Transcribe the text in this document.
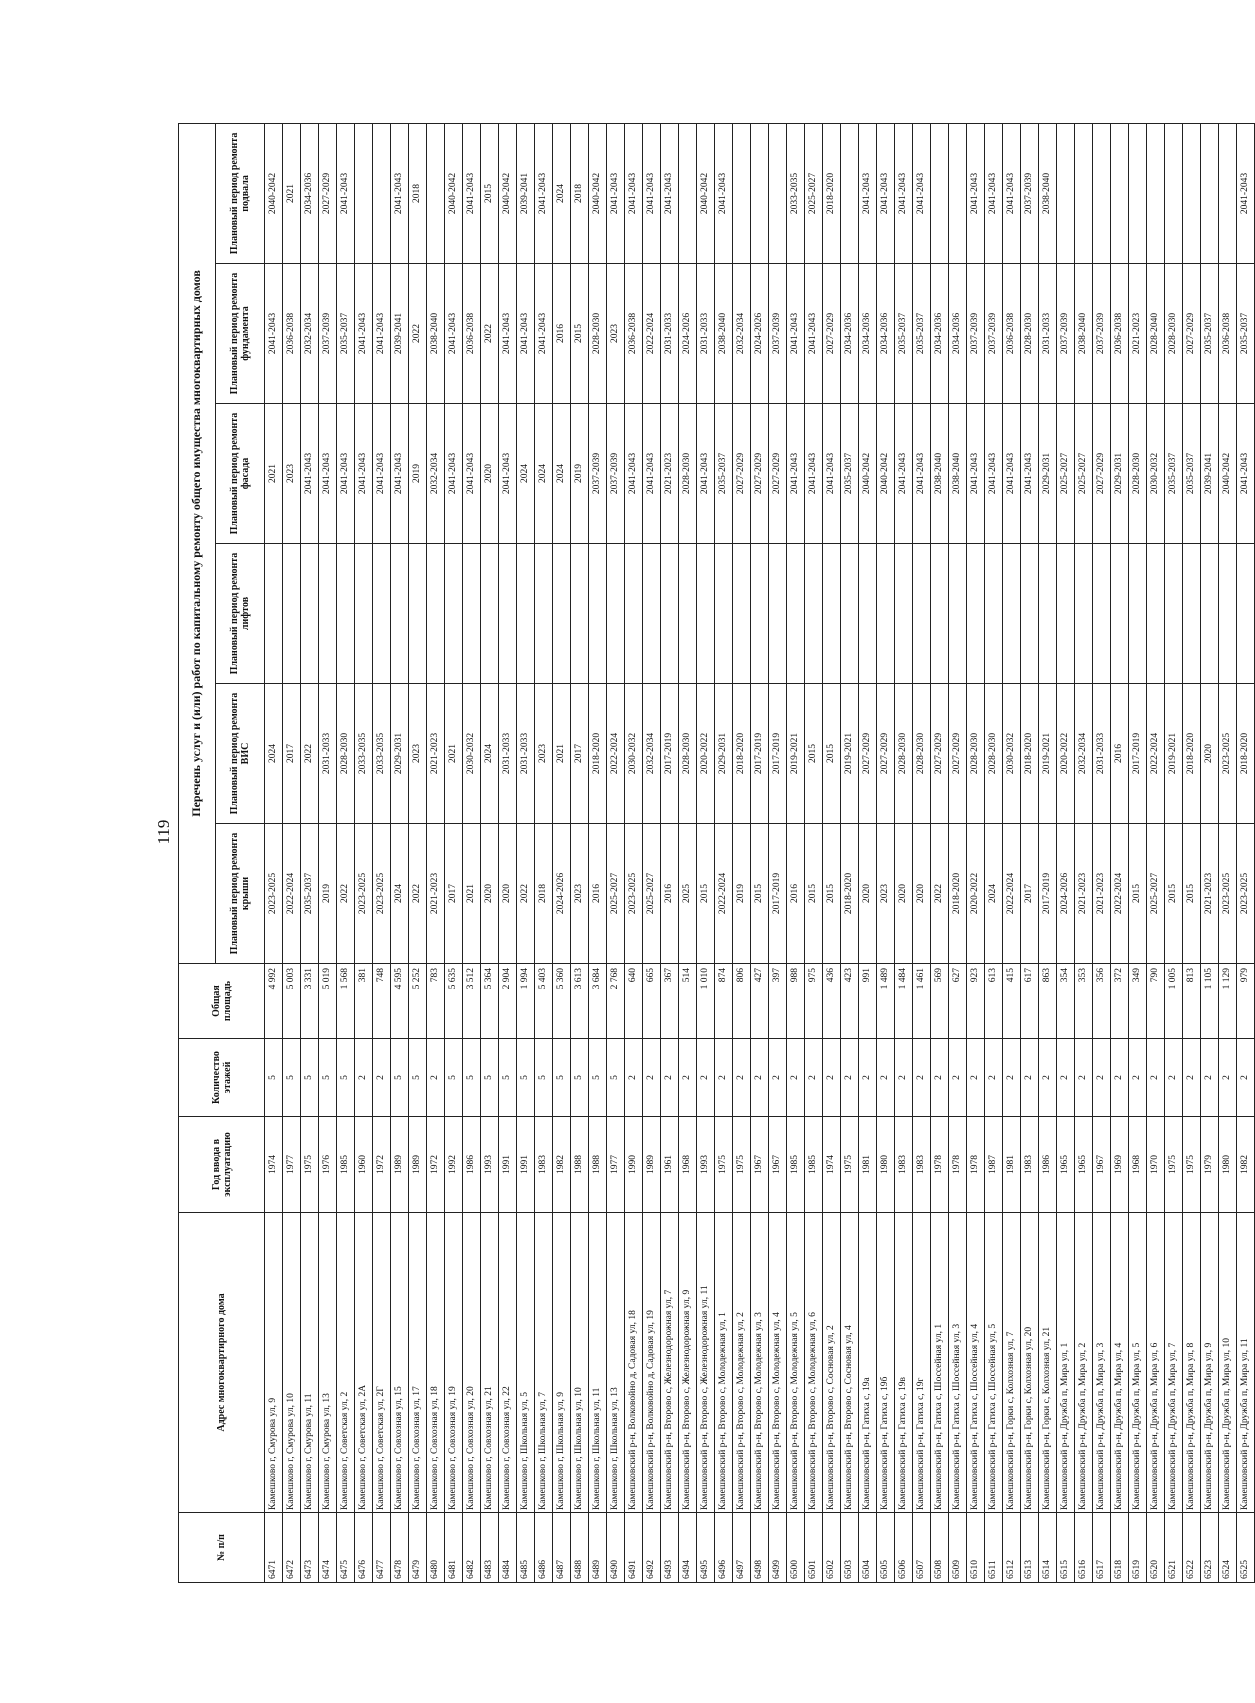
119
№ п/п	Адрес многоквартирного дома	Год ввода в эксплуатацию	Количество этажей	Общая площадь	Перечень услуг и (или) работ по капитальному ремонту общего имущества многоквартирных домов					
					Плановый период ремонта крыши	Плановый период ремонта ВИС	Плановый период ремонта лифтов	Плановый период ремонта фасада	Плановый период ремонта фундамента	Плановый период ремонта подвала
6471	Камешково г, Смурова ул, 9	1974	5	4 992	2023-2025	2024		2021	2041-2043	2040-2042
6472	Камешково г, Смурова ул, 10	1977	5	5 003	2022-2024	2017		2023	2036-2038	2021
6473	Камешково г, Смурова ул, 11	1975	5	3 331	2035-2037	2022		2041-2043	2032-2034	2034-2036
6474	Камешково г, Смурова ул, 13	1976	5	5 019	2019	2031-2033		2041-2043	2037-2039	2027-2029
6475	Камешково г, Советская ул, 2	1985	5	1 568	2022	2028-2030		2041-2043	2035-2037	2041-2043
6476	Камешково г, Советская ул, 2А	1960	2	381	2023-2025	2033-2035		2041-2043	2041-2043	
6477	Камешково г, Советская ул, 2Г	1972	2	748	2023-2025	2033-2035		2041-2043	2041-2043	
6478	Камешково г, Совхозная ул, 15	1989	5	4 595	2024	2029-2031		2041-2043	2039-2041	2041-2043
6479	Камешково г, Совхозная ул, 17	1989	5	5 252	2022	2023		2019	2022	2018
6480	Камешково г, Совхозная ул, 18	1972	2	783	2021-2023	2021-2023		2032-2034	2038-2040	
6481	Камешково г, Совхозная ул, 19	1992	5	5 635	2017	2021		2041-2043	2041-2043	2040-2042
6482	Камешково г, Совхозная ул, 20	1986	5	3 512	2021	2030-2032		2041-2043	2036-2038	2041-2043
6483	Камешково г, Совхозная ул, 21	1993	5	5 364	2020	2024		2020	2022	2015
6484	Камешково г, Совхозная ул, 22	1991	5	2 904	2020	2031-2033		2041-2043	2041-2043	2040-2042
6485	Камешково г, Школьная ул, 5	1991	5	1 994	2022	2031-2033		2024	2041-2043	2039-2041
6486	Камешково г, Школьная ул, 7	1983	5	5 403	2018	2023		2024	2041-2043	2041-2043
6487	Камешково г, Школьная ул, 9	1982	5	5 360	2024-2026	2021		2024	2016	2024
6488	Камешково г, Школьная ул, 10	1988	5	3 613	2023	2017		2019	2015	2018
6489	Камешково г, Школьная ул, 11	1988	5	3 684	2016	2018-2020		2037-2039	2028-2030	2040-2042
6490	Камешково г, Школьная ул, 13	1977	5	2 768	2025-2027	2022-2024		2037-2039	2023	2041-2043
6491	Камешковский р-н, Волковойно д, Садовая ул, 18	1990	2	640	2023-2025	2030-2032		2041-2043	2036-2038	2041-2043
6492	Камешковский р-н, Волковойно д, Садовая ул, 19	1989	2	665	2025-2027	2032-2034		2041-2043	2022-2024	2041-2043
6493	Камешковский р-н, Второво с, Железнодорожная ул, 7	1961	2	367	2016	2017-2019		2021-2023	2031-2033	2041-2043
6494	Камешковский р-н, Второво с, Железнодорожная ул, 9	1968	2	514	2025	2028-2030		2028-2030	2024-2026	
6495	Камешковский р-н, Второво с, Железнодорожная ул, 11	1993	2	1 010	2015	2020-2022		2041-2043	2031-2033	2040-2042
6496	Камешковский р-н, Второво с, Молодежная ул, 1	1975	2	874	2022-2024	2029-2031		2035-2037	2038-2040	2041-2043
6497	Камешковский р-н, Второво с, Молодежная ул, 2	1975	2	806	2019	2018-2020		2027-2029	2032-2034	
6498	Камешковский р-н, Второво с, Молодежная ул, 3	1967	2	427	2015	2017-2019		2027-2029	2024-2026	
6499	Камешковский р-н, Второво с, Молодежная ул, 4	1967	2	397	2017-2019	2017-2019		2027-2029	2037-2039	
6500	Камешковский р-н, Второво с, Молодежная ул, 5	1985	2	988	2016	2019-2021		2041-2043	2041-2043	2033-2035
6501	Камешковский р-н, Второво с, Молодежная ул, 6	1985	2	975	2015	2015		2041-2043	2041-2043	2025-2027
6502	Камешковский р-н, Второво с, Сосновая ул, 2	1974	2	436	2015	2015		2041-2043	2027-2029	2018-2020
6503	Камешковский р-н, Второво с, Сосновая ул, 4	1975	2	423	2018-2020	2019-2021		2035-2037	2034-2036	
6504	Камешковский р-н, Гатиха с, 19а	1981	2	991	2020	2027-2029		2040-2042	2034-2036	2041-2043
6505	Камешковский р-н, Гатиха с, 19б	1980	2	1 489	2023	2027-2029		2040-2042	2034-2036	2041-2043
6506	Камешковский р-н, Гатиха с, 19в	1983	2	1 484	2020	2028-2030		2041-2043	2035-2037	2041-2043
6507	Камешковский р-н, Гатиха с, 19г	1983	2	1 461	2020	2028-2030		2041-2043	2035-2037	2041-2043
6508	Камешковский р-н, Гатиха с, Шоссейная ул, 1	1978	2	569	2022	2027-2029		2038-2040	2034-2036	
6509	Камешковский р-н, Гатиха с, Шоссейная ул, 3	1978	2	627	2018-2020	2027-2029		2038-2040	2034-2036	
6510	Камешковский р-н, Гатиха с, Шоссейная ул, 4	1978	2	923	2020-2022	2028-2030		2041-2043	2037-2039	2041-2043
6511	Камешковский р-н, Гатиха с, Шоссейная ул, 5	1987	2	613	2024	2028-2030		2041-2043	2037-2039	2041-2043
6512	Камешковский р-н, Горки с, Колхозная ул, 7	1981	2	415	2022-2024	2030-2032		2041-2043	2036-2038	2041-2043
6513	Камешковский р-н, Горки с, Колхозная ул, 20	1983	2	617	2017	2018-2020		2041-2043	2028-2030	2037-2039
6514	Камешковский р-н, Горки с, Колхозная ул, 21	1986	2	863	2017-2019	2019-2021		2029-2031	2031-2033	2038-2040
6515	Камешковский р-н, Дружба п, Мира ул, 1	1965	2	354	2024-2026	2020-2022		2025-2027	2037-2039	
6516	Камешковский р-н, Дружба п, Мира ул, 2	1965	2	353	2021-2023	2032-2034		2025-2027	2038-2040	
6517	Камешковский р-н, Дружба п, Мира ул, 3	1967	2	356	2021-2023	2031-2033		2027-2029	2037-2039	
6518	Камешковский р-н, Дружба п, Мира ул, 4	1969	2	372	2022-2024	2016		2029-2031	2036-2038	
6519	Камешковский р-н, Дружба п, Мира ул, 5	1968	2	349	2015	2017-2019		2028-2030	2021-2023	
6520	Камешковский р-н, Дружба п, Мира ул, 6	1970	2	790	2025-2027	2022-2024		2030-2032	2028-2040	
6521	Камешковский р-н, Дружба п, Мира ул, 7	1975	2	1 005	2015	2019-2021		2035-2037	2028-2030	
6522	Камешковский р-н, Дружба п, Мира ул, 8	1975	2	813	2015	2018-2020		2035-2037	2027-2029	
6523	Камешковский р-н, Дружба п, Мира ул, 9	1979	2	1 105	2021-2023	2020		2039-2041	2035-2037	
6524	Камешковский р-н, Дружба п, Мира ул, 10	1980	2	1 129	2023-2025	2023-2025		2040-2042	2036-2038	
6525	Камешковский р-н, Дружба п, Мира ул, 11	1982	2	979	2023-2025	2018-2020		2041-2043	2035-2037	2041-2043
